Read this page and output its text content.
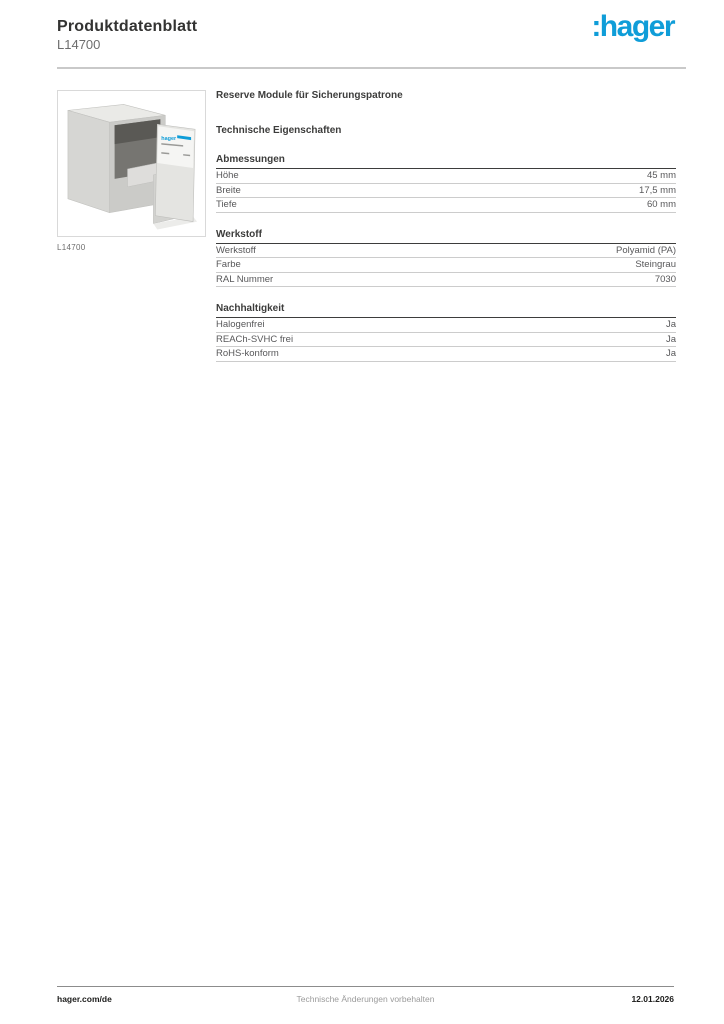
Produktdatenblatt
L14700
:hager
hager
L14700
Reserve Module für Sicherungspatrone
Technische Eigenschaften
Abmessungen
Höhe	45 mm
Breite	17,5 mm
Tiefe	60 mm
Werkstoff
Werkstoff	Polyamid (PA)
Farbe	Steingrau
RAL Nummer	7030
Nachhaltigkeit
Halogenfrei	Ja
REACh-SVHC frei	Ja
RoHS-konform	Ja
hager.com/de	Technische Änderungen vorbehalten	12.01.2026
